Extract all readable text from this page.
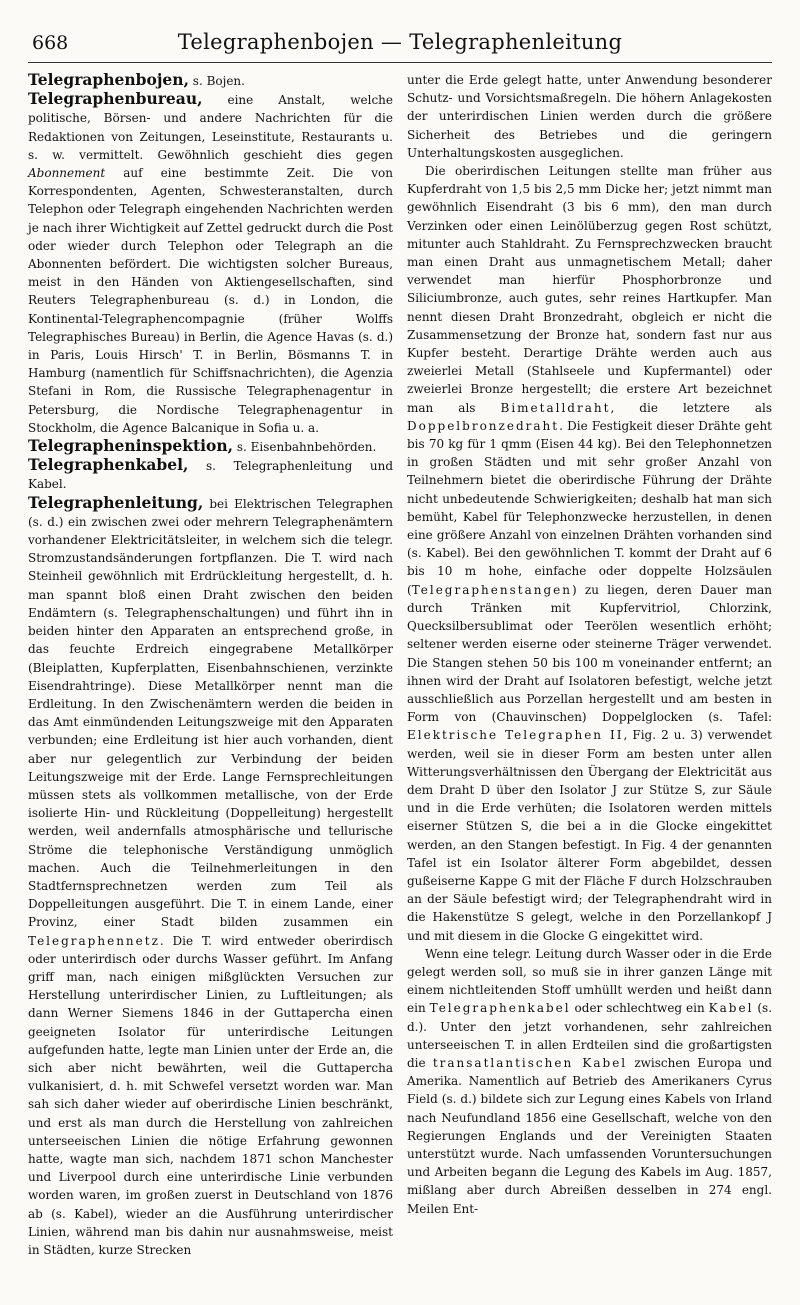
668	Telegraphenbojen — Telegraphenleitung

Telegraphenbojen, s. Bojen.

Telegraphenbureau, eine Anstalt, welche politische, Börsen- und andere Nachrichten für die Redaktionen von Zeitungen, Leseinstitute, Restaurants u. s. w. vermittelt. Gewöhnlich geschieht dies gegen Abonnement auf eine bestimmte Zeit. Die von Korrespondenten, Agenten, Schwesteranstalten, durch Telephon oder Telegraph eingehenden Nachrichten werden je nach ihrer Wichtigkeit auf Zettel gedruckt durch die Post oder wieder durch Telephon oder Telegraph an die Abonnenten befördert. Die wichtigsten solcher Bureaus, meist in den Händen von Aktiengesellschaften, sind Reuters Telegraphenbureau (s. d.) in London, die Kontinental-Telegraphencompagnie (früher Wolffs Telegraphisches Bureau) in Berlin, die Agence Havas (s. d.) in Paris, Louis Hirsch' T. in Berlin, Bösmanns T. in Hamburg (namentlich für Schiffsnachrichten), die Agenzia Stefani in Rom, die Russische Telegraphenagentur in Petersburg, die Nordische Telegraphenagentur in Stockholm, die Agence Balcanique in Sofia u. a.

Telegrapheninspektion, s. Eisenbahnbehörden.

Telegraphenkabel, s. Telegraphenleitung und Kabel.

Telegraphenleitung, bei Elektrischen Telegraphen (s. d.) ein zwischen zwei oder mehrern Telegraphenämtern vorhandener Elektricitätsleiter, in welchem sich die telegr. Stromzustandsänderungen fortpflanzen. Die T. wird nach Steinheil gewöhnlich mit Erdrückleitung hergestellt, d. h. man spannt bloß einen Draht zwischen den beiden Endämtern (s. Telegraphenschaltungen) und führt ihn in beiden hinter den Apparaten an entsprechend große, in das feuchte Erdreich eingegrabene Metallkörper (Bleiplatten, Kupferplatten, Eisenbahnschienen, verzinkte Eisendrahtringe). Diese Metallkörper nennt man die Erdleitung. In den Zwischenämtern werden die beiden in das Amt einmündenden Leitungszweige mit den Apparaten verbunden; eine Erdleitung ist hier auch vorhanden, dient aber nur gelegentlich zur Verbindung der beiden Leitungszweige mit der Erde. Lange Fernsprechleitungen müssen stets als vollkommen metallische, von der Erde isolierte Hin- und Rückleitung (Doppelleitung) hergestellt werden, weil andernfalls atmosphärische und tellurische Ströme die telephonische Verständigung unmöglich machen. Auch die Teilnehmerleitungen in den Stadtfernsprechnetzen werden zum Teil als Doppelleitungen ausgeführt. Die T. in einem Lande, einer Provinz, einer Stadt bilden zusammen ein Telegraphennetz. Die T. wird entweder oberirdisch oder unterirdisch oder durchs Wasser geführt. Im Anfang griff man, nach einigen mißglückten Versuchen zur Herstellung unterirdischer Linien, zu Luftleitungen; als dann Werner Siemens 1846 in der Guttapercha einen geeigneten Isolator für unterirdische Leitungen aufgefunden hatte, legte man Linien unter der Erde an, die sich aber nicht bewährten, weil die Guttapercha vulkanisiert, d. h. mit Schwefel versetzt worden war. Man sah sich daher wieder auf oberirdische Linien beschränkt, und erst als man durch die Herstellung von zahlreichen unterseeischen Linien die nötige Erfahrung gewonnen hatte, wagte man sich, nachdem 1871 schon Manchester und Liverpool durch eine unterirdische Linie verbunden worden waren, im großen zuerst in Deutschland von 1876 ab (s. Kabel), wieder an die Ausführung unterirdischer Linien, während man bis dahin nur ausnahmsweise, meist in Städten, kurze Strecken

unter die Erde gelegt hatte, unter Anwendung besonderer Schutz- und Vorsichtsmaßregeln. Die höhern Anlagekosten der unterirdischen Linien werden durch die größere Sicherheit des Betriebes und die geringern Unterhaltungskosten ausgeglichen.

Die oberirdischen Leitungen stellte man früher aus Kupferdraht von 1,5 bis 2,5 mm Dicke her; jetzt nimmt man gewöhnlich Eisendraht (3 bis 6 mm), den man durch Verzinken oder einen Leinölüberzug gegen Rost schützt, mitunter auch Stahldraht. Zu Fernsprechzwecken braucht man einen Draht aus unmagnetischem Metall; daher verwendet man hierfür Phosphorbronze und Siliciumbronze, auch gutes, sehr reines Hartkupfer. Man nennt diesen Draht Bronzedraht, obgleich er nicht die Zusammensetzung der Bronze hat, sondern fast nur aus Kupfer besteht. Derartige Drähte werden auch aus zweierlei Metall (Stahlseele und Kupfermantel) oder zweierlei Bronze hergestellt; die erstere Art bezeichnet man als Bimetalldraht, die letztere als Doppelbronzedraht. Die Festigkeit dieser Drähte geht bis 70 kg für 1 qmm (Eisen 44 kg). Bei den Telephonnetzen in großen Städten und mit sehr großer Anzahl von Teilnehmern bietet die oberirdische Führung der Drähte nicht unbedeutende Schwierigkeiten; deshalb hat man sich bemüht, Kabel für Telephonzwecke herzustellen, in denen eine größere Anzahl von einzelnen Drähten vorhanden sind (s. Kabel). Bei den gewöhnlichen T. kommt der Draht auf 6 bis 10 m hohe, einfache oder doppelte Holzsäulen (Telegraphenstangen) zu liegen, deren Dauer man durch Tränken mit Kupfervitriol, Chlorzink, Quecksilbersublimat oder Teerölen wesentlich erhöht; seltener werden eiserne oder steinerne Träger verwendet. Die Stangen stehen 50 bis 100 m voneinander entfernt; an ihnen wird der Draht auf Isolatoren befestigt, welche jetzt ausschließlich aus Porzellan hergestellt und am besten in Form von (Chauvinschen) Doppelglocken (s. Tafel: Elektrische Telegraphen II, Fig. 2 u. 3) verwendet werden, weil sie in dieser Form am besten unter allen Witterungsverhältnissen den Übergang der Elektricität aus dem Draht D über den Isolator J zur Stütze S, zur Säule und in die Erde verhüten; die Isolatoren werden mittels eiserner Stützen S, die bei a in die Glocke eingekittet werden, an den Stangen befestigt. In Fig. 4 der genannten Tafel ist ein Isolator älterer Form abgebildet, dessen gußeiserne Kappe G mit der Fläche F durch Holzschrauben an der Säule befestigt wird; der Telegraphendraht wird in die Hakenstütze S gelegt, welche in den Porzellankopf J und mit diesem in die Glocke G eingekittet wird.

Wenn eine telegr. Leitung durch Wasser oder in die Erde gelegt werden soll, so muß sie in ihrer ganzen Länge mit einem nichtleitenden Stoff umhüllt werden und heißt dann ein Telegraphenkabel oder schlechtweg ein Kabel (s. d.). Unter den jetzt vorhandenen, sehr zahlreichen unterseeischen T. in allen Erdteilen sind die großartigsten die transatlantischen Kabel zwischen Europa und Amerika. Namentlich auf Betrieb des Amerikaners Cyrus Field (s. d.) bildete sich zur Legung eines Kabels von Irland nach Neufundland 1856 eine Gesellschaft, welche von den Regierungen Englands und der Vereinigten Staaten unterstützt wurde. Nach umfassenden Voruntersuchungen und Arbeiten begann die Legung des Kabels im Aug. 1857, mißlang aber durch Abreißen desselben in 274 engl. Meilen Ent-
